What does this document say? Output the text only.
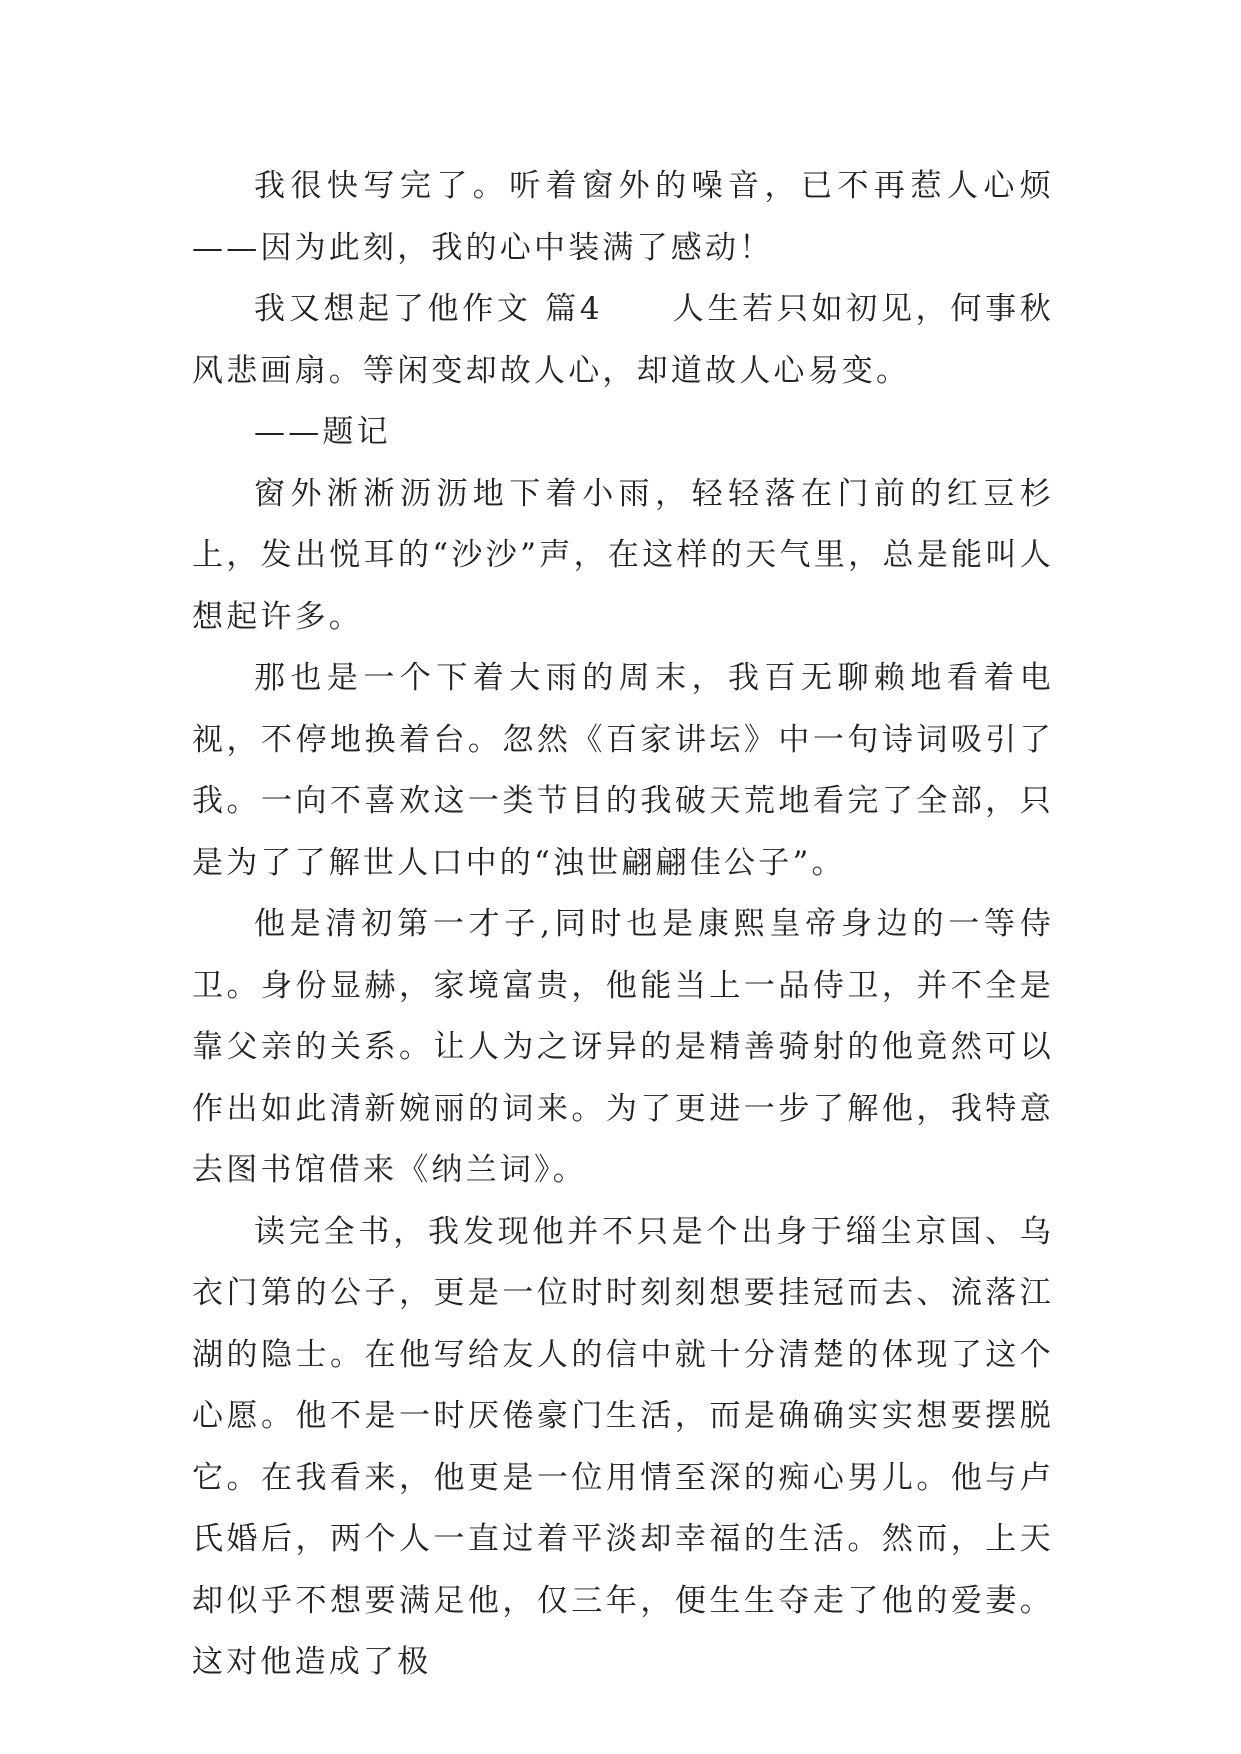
我很快写完了。听着窗外的噪音，已不再惹人心烦——因为此刻，我的心中装满了感动！

我又想起了他作文 篇4　　人生若只如初见，何事秋风悲画扇。等闲变却故人心，却道故人心易变。

——题记

窗外淅淅沥沥地下着小雨，轻轻落在门前的红豆杉上，发出悦耳的“沙沙”声，在这样的天气里，总是能叫人想起许多。

那也是一个下着大雨的周末，我百无聊赖地看着电视，不停地换着台。忽然《百家讲坛》中一句诗词吸引了我。一向不喜欢这一类节目的我破天荒地看完了全部，只是为了了解世人口中的“浊世翩翩佳公子”。

他是清初第一才子,同时也是康熙皇帝身边的一等侍卫。身份显赫，家境富贵，他能当上一品侍卫，并不全是靠父亲的关系。让人为之讶异的是精善骑射的他竟然可以作出如此清新婉丽的词来。为了更进一步了解他，我特意去图书馆借来《纳兰词》。

读完全书，我发现他并不只是个出身于缁尘京国、乌衣门第的公子，更是一位时时刻刻想要挂冠而去、流落江湖的隐士。在他写给友人的信中就十分清楚的体现了这个心愿。他不是一时厌倦豪门生活，而是确确实实想要摆脱它。在我看来，他更是一位用情至深的痴心男儿。他与卢氏婚后，两个人一直过着平淡却幸福的生活。然而，上天却似乎不想要满足他，仅三年，便生生夺走了他的爱妻。这对他造成了极
